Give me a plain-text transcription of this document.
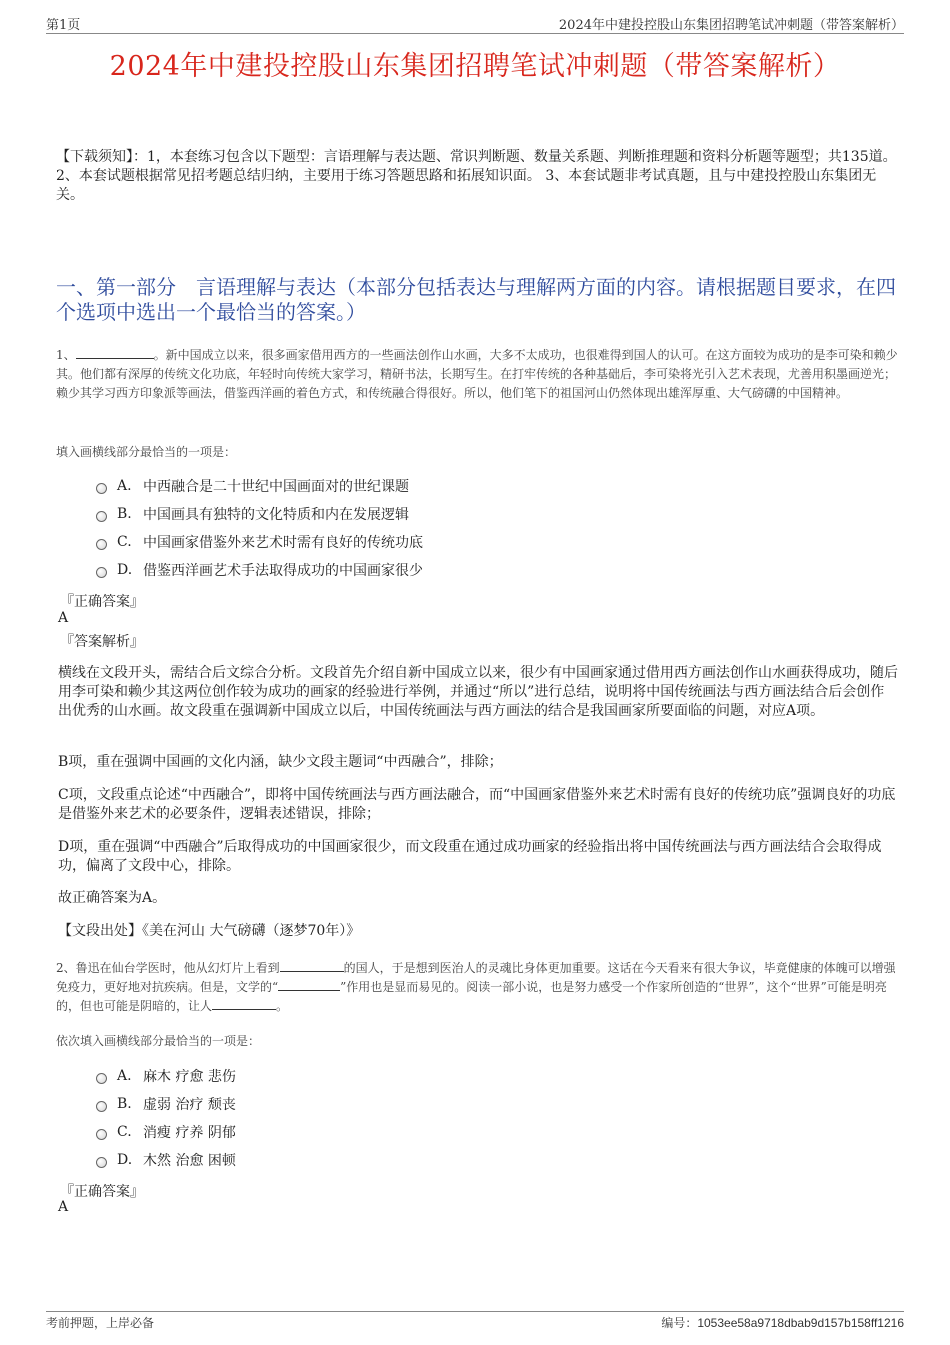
第1页	2024年中建投控股山东集团招聘笔试冲刺题（带答案解析）
2024年中建投控股山东集团招聘笔试冲刺题（带答案解析）
【下载须知】：1，本套练习包含以下题型：言语理解与表达题、常识判断题、数量关系题、判断推理题和资料分析题等题型；共135道。 2、本套试题根据常见招考题总结归纳，主要用于练习答题思路和拓展知识面。 3、本套试题非考试真题，且与中建投控股山东集团无关。
一、第一部分　言语理解与表达（本部分包括表达与理解两方面的内容。请根据题目要求，在四个选项中选出一个最恰当的答案。）
1、	。新中国成立以来，很多画家借用西方的一些画法创作山水画，大多不太成功，也很难得到国人的认可。在这方面较为成功的是李可染和赖少其。他们都有深厚的传统文化功底，年轻时向传统大家学习，精研书法，长期写生。在打牢传统的各种基础后，李可染将光引入艺术表现，尤善用积墨画逆光；赖少其学习西方印象派等画法，借鉴西洋画的着色方式，和传统融合得很好。所以，他们笔下的祖国河山仍然体现出雄浑厚重、大气磅礴的中国精神。
填入画横线部分最恰当的一项是：
A. 中西融合是二十世纪中国画面对的世纪课题
B. 中国画具有独特的文化特质和内在发展逻辑
C. 中国画家借鉴外来艺术时需有良好的传统功底
D. 借鉴西洋画艺术手法取得成功的中国画家很少
『正确答案』
A
『答案解析』
横线在文段开头，需结合后文综合分析。文段首先介绍自新中国成立以来，很少有中国画家通过借用西方画法创作山水画获得成功，随后用李可染和赖少其这两位创作较为成功的画家的经验进行举例，并通过“所以”进行总结，说明将中国传统画法与西方画法结合后会创作出优秀的山水画。故文段重在强调新中国成立以后，中国传统画法与西方画法的结合是我国画家所要面临的问题，对应A项。
B项，重在强调中国画的文化内涵，缺少文段主题词“中西融合”，排除；
C项，文段重点论述“中西融合”，即将中国传统画法与西方画法融合，而“中国画家借鉴外来艺术时需有良好的传统功底”强调良好的功底是借鉴外来艺术的必要条件，逻辑表述错误，排除；
D项，重在强调“中西融合”后取得成功的中国画家很少，而文段重在通过成功画家的经验指出将中国传统画法与西方画法结合会取得成功，偏离了文段中心，排除。
故正确答案为A。
【文段出处】《美在河山 大气磅礴（逐梦70年）》
2、鲁迅在仙台学医时，他从幻灯片上看到	的国人，于是想到医治人的灵魂比身体更加重要。这话在今天看来有很大争议，毕竟健康的体魄可以增强免疫力，更好地对抗疾病。但是，文学的“	”作用也是显而易见的。阅读一部小说，也是努力感受一个作家所创造的“世界”，这个“世界”可能是明亮的，但也可能是阴暗的，让人	。
依次填入画横线部分最恰当的一项是：
A. 麻木 疗愈 悲伤
B. 虚弱 治疗 颓丧
C. 消瘦 疗养 阴郁
D. 木然 治愈 困顿
『正确答案』
A
考前押题，上岸必备	编号：1053ee58a9718dbab9d157b158ff1216
